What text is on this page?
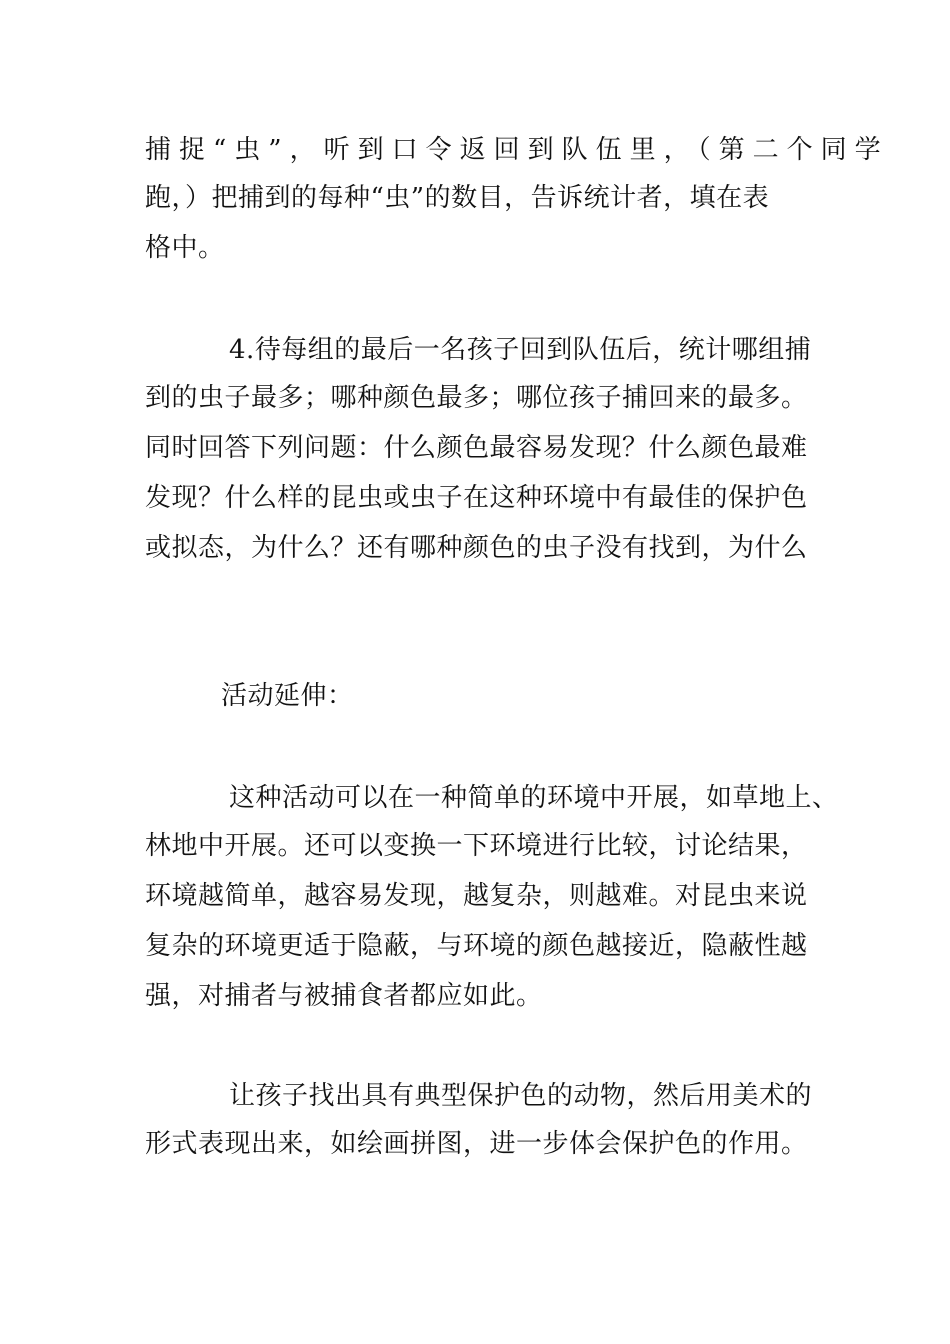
捕捉“虫”，听到口令返回到队伍里，（第二个同学
跑，）把捕到的每种“虫”的数目，告诉统计者，填在表
格中。
4.待每组的最后一名孩子回到队伍后，统计哪组捕
到的虫子最多；哪种颜色最多；哪位孩子捕回来的最多。
同时回答下列问题：什么颜色最容易发现？什么颜色最难
发现？什么样的昆虫或虫子在这种环境中有最佳的保护色
或拟态，为什么？还有哪种颜色的虫子没有找到，为什么
活动延伸：
这种活动可以在一种简单的环境中开展，如草地上、
林地中开展。还可以变换一下环境进行比较，讨论结果，
环境越简单，越容易发现，越复杂，则越难。对昆虫来说
复杂的环境更适于隐蔽，与环境的颜色越接近，隐蔽性越
强，对捕者与被捕食者都应如此。
让孩子找出具有典型保护色的动物，然后用美术的
形式表现出来，如绘画拼图，进一步体会保护色的作用。
